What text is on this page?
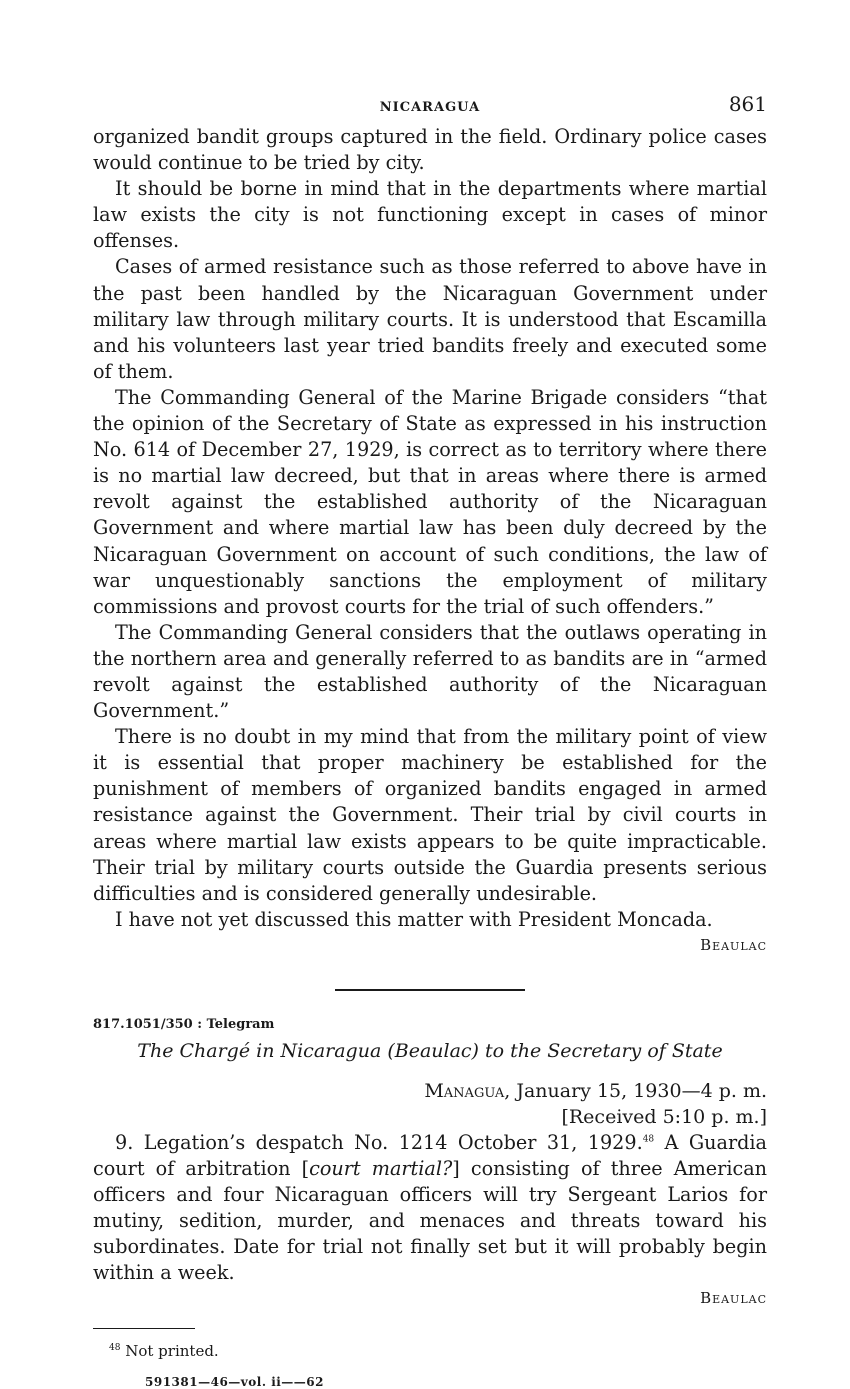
NICARAGUA	861

organized bandit groups captured in the field. Ordinary police cases would continue to be tried by city.

It should be borne in mind that in the departments where martial law exists the city is not functioning except in cases of minor offenses.

Cases of armed resistance such as those referred to above have in the past been handled by the Nicaraguan Government under military law through military courts. It is understood that Escamilla and his volunteers last year tried bandits freely and executed some of them.

The Commanding General of the Marine Brigade considers “that the opinion of the Secretary of State as expressed in his instruction No. 614 of December 27, 1929, is correct as to territory where there is no martial law decreed, but that in areas where there is armed revolt against the established authority of the Nicaraguan Government and where martial law has been duly decreed by the Nicaraguan Government on account of such conditions, the law of war unquestionably sanctions the employment of military commissions and provost courts for the trial of such offenders.”

The Commanding General considers that the outlaws operating in the northern area and generally referred to as bandits are in “armed revolt against the established authority of the Nicaraguan Government.”

There is no doubt in my mind that from the military point of view it is essential that proper machinery be established for the punishment of members of organized bandits engaged in armed resistance against the Government. Their trial by civil courts in areas where martial law exists appears to be quite impracticable. Their trial by military courts outside the Guardia presents serious difficulties and is considered generally undesirable.

I have not yet discussed this matter with President Moncada.

Beaulac

817.1051/350 : Telegram

The Chargé in Nicaragua (Beaulac) to the Secretary of State

Managua, January 15, 1930—4 p. m.

[Received 5:10 p. m.]

9. Legation’s despatch No. 1214 October 31, 1929.48 A Guardia court of arbitration [court martial?] consisting of three American officers and four Nicaraguan officers will try Sergeant Larios for mutiny, sedition, murder, and menaces and threats toward his subordinates. Date for trial not finally set but it will probably begin within a week.

Beaulac

$^{48}$ Not printed.

591381—46—vol. ii——62
